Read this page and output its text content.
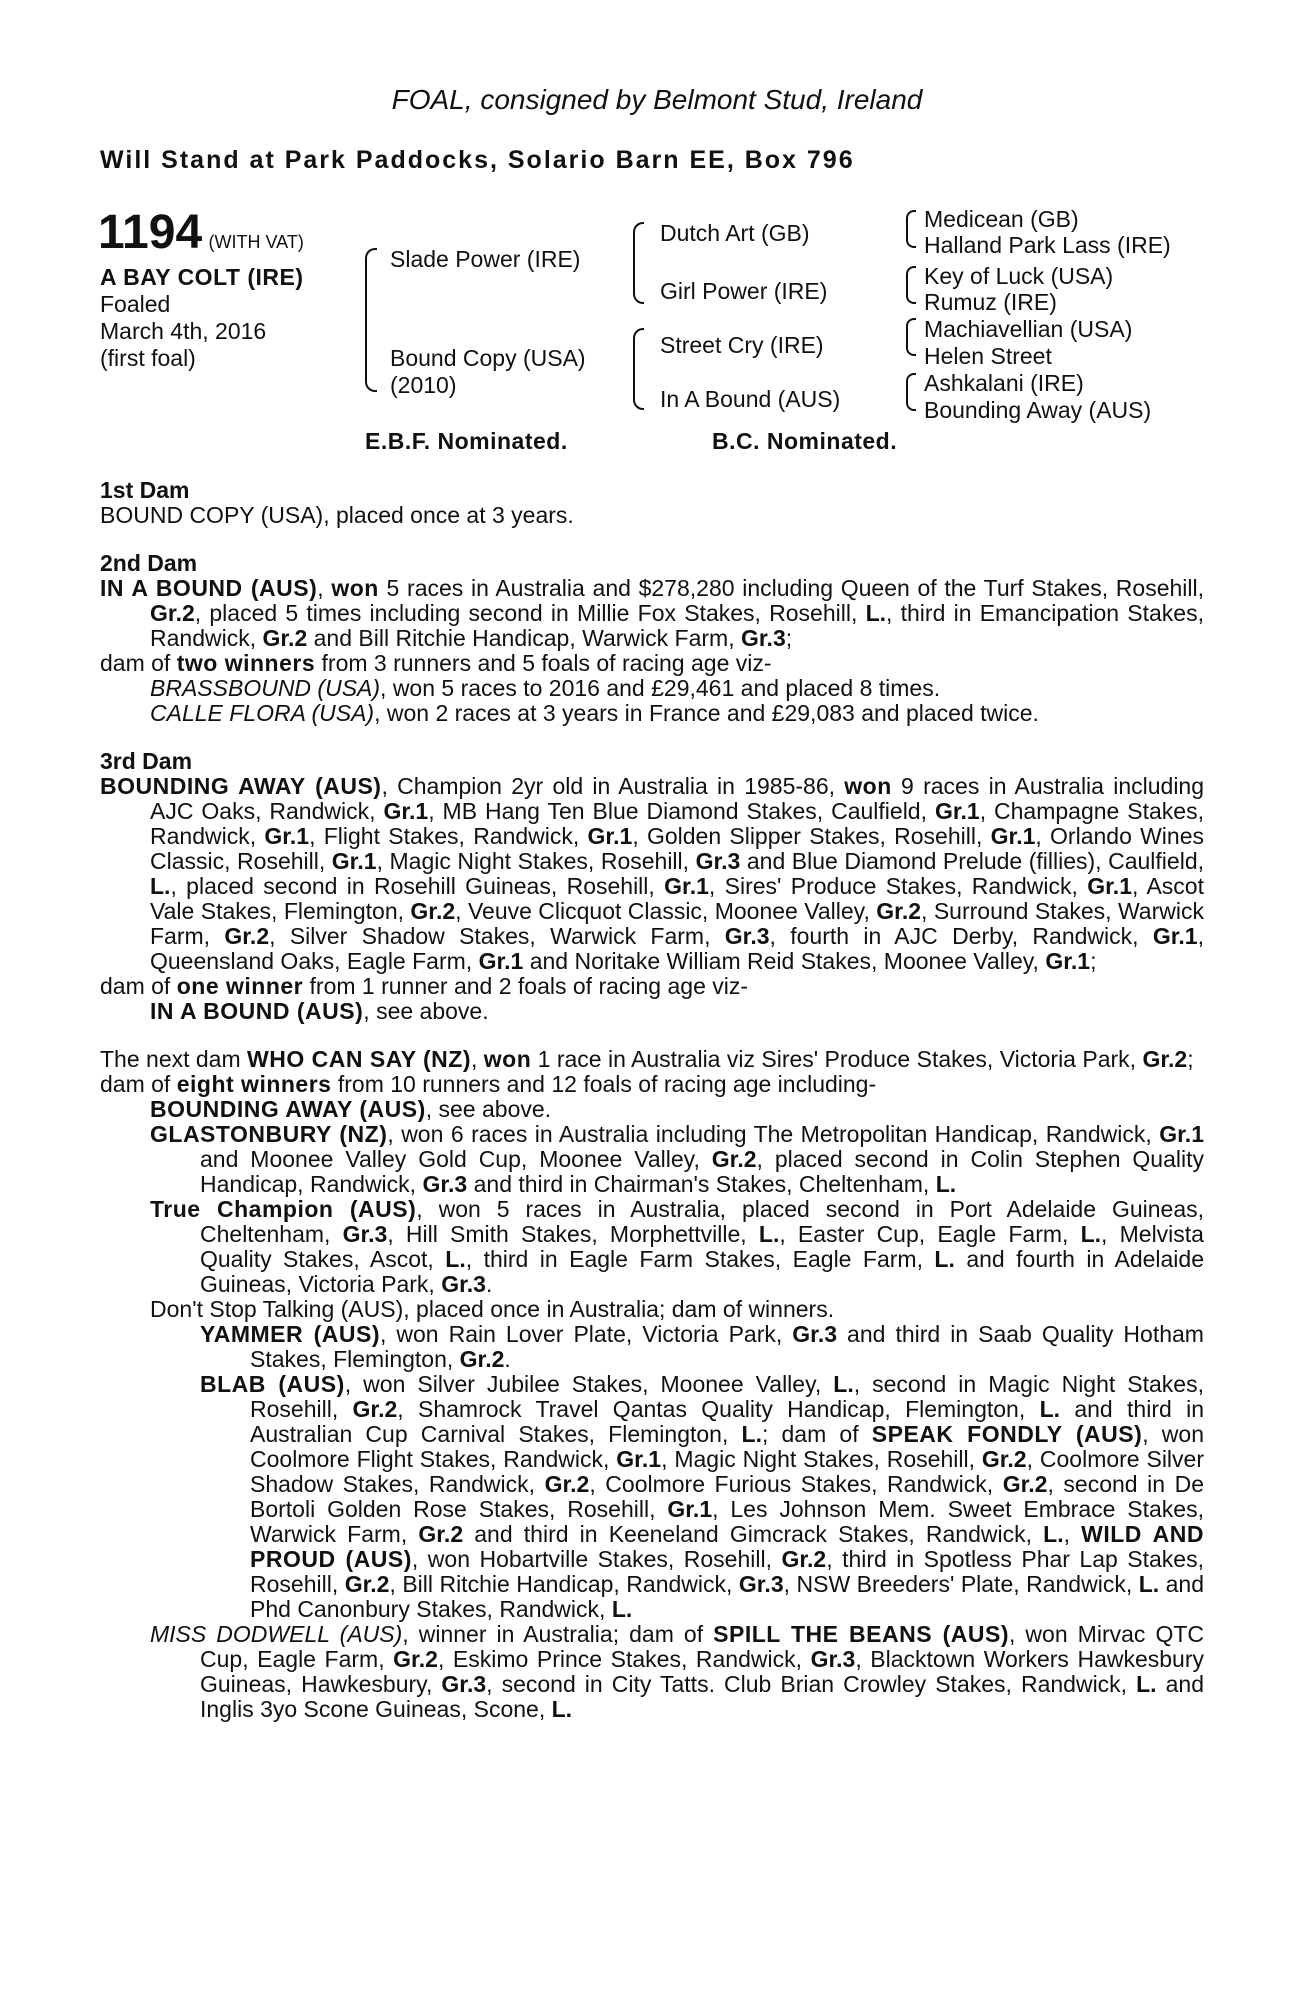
FOAL, consigned by Belmont Stud, Ireland
Will Stand at Park Paddocks, Solario Barn EE, Box 796
1194 (WITH VAT)
A BAY COLT (IRE)
Foaled
March 4th, 2016
(first foal)
Slade Power (IRE)
Bound Copy (USA)
(2010)
Dutch Art (GB)
Girl Power (IRE)
Street Cry (IRE)
In A Bound (AUS)
Medicean (GB)
Halland Park Lass (IRE)
Key of Luck (USA)
Rumuz (IRE)
Machiavellian (USA)
Helen Street
Ashkalani (IRE)
Bounding Away (AUS)
E.B.F. Nominated.	B.C. Nominated.

1st Dam

BOUND COPY (USA), placed once at 3 years.

2nd Dam

IN A BOUND (AUS), won 5 races in Australia and $278,280 including Queen of the Turf Stakes, Rosehill, Gr.2, placed 5 times including second in Millie Fox Stakes, Rosehill, L., third in Emancipation Stakes, Randwick, Gr.2 and Bill Ritchie Handicap, Warwick Farm, Gr.3;

dam of two winners from 3 runners and 5 foals of racing age viz-

BRASSBOUND (USA), won 5 races to 2016 and £29,461 and placed 8 times.

CALLE FLORA (USA), won 2 races at 3 years in France and £29,083 and placed twice.

3rd Dam

BOUNDING AWAY (AUS), Champion 2yr old in Australia in 1985-86, won 9 races in Australia including AJC Oaks, Randwick, Gr.1, MB Hang Ten Blue Diamond Stakes, Caulfield, Gr.1, Champagne Stakes, Randwick, Gr.1, Flight Stakes, Randwick, Gr.1, Golden Slipper Stakes, Rosehill, Gr.1, Orlando Wines Classic, Rosehill, Gr.1, Magic Night Stakes, Rosehill, Gr.3 and Blue Diamond Prelude (fillies), Caulfield, L., placed second in Rosehill Guineas, Rosehill, Gr.1, Sires' Produce Stakes, Randwick, Gr.1, Ascot Vale Stakes, Flemington, Gr.2, Veuve Clicquot Classic, Moonee Valley, Gr.2, Surround Stakes, Warwick Farm, Gr.2, Silver Shadow Stakes, Warwick Farm, Gr.3, fourth in AJC Derby, Randwick, Gr.1, Queensland Oaks, Eagle Farm, Gr.1 and Noritake William Reid Stakes, Moonee Valley, Gr.1;

dam of one winner from 1 runner and 2 foals of racing age viz-

IN A BOUND (AUS), see above.

The next dam WHO CAN SAY (NZ), won 1 race in Australia viz Sires' Produce Stakes, Victoria Park, Gr.2;

dam of eight winners from 10 runners and 12 foals of racing age including-

BOUNDING AWAY (AUS), see above.

GLASTONBURY (NZ), won 6 races in Australia including The Metropolitan Handicap, Randwick, Gr.1 and Moonee Valley Gold Cup, Moonee Valley, Gr.2, placed second in Colin Stephen Quality Handicap, Randwick, Gr.3 and third in Chairman's Stakes, Cheltenham, L.

True Champion (AUS), won 5 races in Australia, placed second in Port Adelaide Guineas, Cheltenham, Gr.3, Hill Smith Stakes, Morphettville, L., Easter Cup, Eagle Farm, L., Melvista Quality Stakes, Ascot, L., third in Eagle Farm Stakes, Eagle Farm, L. and fourth in Adelaide Guineas, Victoria Park, Gr.3.

Don't Stop Talking (AUS), placed once in Australia; dam of winners.

YAMMER (AUS), won Rain Lover Plate, Victoria Park, Gr.3 and third in Saab Quality Hotham Stakes, Flemington, Gr.2.

BLAB (AUS), won Silver Jubilee Stakes, Moonee Valley, L., second in Magic Night Stakes, Rosehill, Gr.2, Shamrock Travel Qantas Quality Handicap, Flemington, L. and third in Australian Cup Carnival Stakes, Flemington, L.; dam of SPEAK FONDLY (AUS), won Coolmore Flight Stakes, Randwick, Gr.1, Magic Night Stakes, Rosehill, Gr.2, Coolmore Silver Shadow Stakes, Randwick, Gr.2, Coolmore Furious Stakes, Randwick, Gr.2, second in De Bortoli Golden Rose Stakes, Rosehill, Gr.1, Les Johnson Mem. Sweet Embrace Stakes, Warwick Farm, Gr.2 and third in Keeneland Gimcrack Stakes, Randwick, L., WILD AND PROUD (AUS), won Hobartville Stakes, Rosehill, Gr.2, third in Spotless Phar Lap Stakes, Rosehill, Gr.2, Bill Ritchie Handicap, Randwick, Gr.3, NSW Breeders' Plate, Randwick, L. and Phd Canonbury Stakes, Randwick, L.

MISS DODWELL (AUS), winner in Australia; dam of SPILL THE BEANS (AUS), won Mirvac QTC Cup, Eagle Farm, Gr.2, Eskimo Prince Stakes, Randwick, Gr.3, Blacktown Workers Hawkesbury Guineas, Hawkesbury, Gr.3, second in City Tatts. Club Brian Crowley Stakes, Randwick, L. and Inglis 3yo Scone Guineas, Scone, L.
